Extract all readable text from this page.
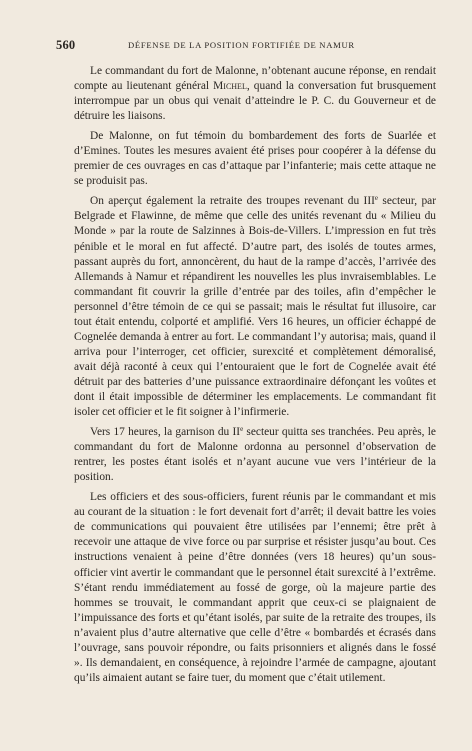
560	DÉFENSE DE LA POSITION FORTIFIÉE DE NAMUR

Le commandant du fort de Malonne, n’obtenant aucune réponse, en rendait compte au lieutenant général Michel, quand la conversation fut brusquement interrompue par un obus qui venait d’atteindre le P. C. du Gouverneur et de détruire les liaisons.

De Malonne, on fut témoin du bombardement des forts de Suarlée et d’Emines. Toutes les mesures avaient été prises pour coopérer à la défense du premier de ces ouvrages en cas d’attaque par l’infanterie; mais cette attaque ne se produisit pas.

On aperçut également la retraite des troupes revenant du IIIe secteur, par Belgrade et Flawinne, de même que celle des unités revenant du « Milieu du Monde » par la route de Salzinnes à Bois-de-Villers. L’impression en fut très pénible et le moral en fut affecté. D’autre part, des isolés de toutes armes, passant auprès du fort, annoncèrent, du haut de la rampe d’accès, l’arrivée des Allemands à Namur et répandirent les nouvelles les plus invraisemblables. Le commandant fit couvrir la grille d’entrée par des toiles, afin d’empêcher le personnel d’être témoin de ce qui se passait; mais le résultat fut illusoire, car tout était entendu, colporté et amplifié. Vers 16 heures, un officier échappé de Cognelée demanda à entrer au fort. Le commandant l’y autorisa; mais, quand il arriva pour l’interroger, cet officier, surexcité et complètement démoralisé, avait déjà raconté à ceux qui l’entouraient que le fort de Cognelée avait été détruit par des batteries d’une puissance extraordinaire défonçant les voûtes et dont il était impossible de déterminer les emplacements. Le commandant fit isoler cet officier et le fit soigner à l’infirmerie.

Vers 17 heures, la garnison du IIe secteur quitta ses tranchées. Peu après, le commandant du fort de Malonne ordonna au personnel d’observation de rentrer, les postes étant isolés et n’ayant aucune vue vers l’intérieur de la position.

Les officiers et des sous-officiers, furent réunis par le commandant et mis au courant de la situation : le fort devenait fort d’arrêt; il devait battre les voies de communications qui pouvaient être utilisées par l’ennemi; être prêt à recevoir une attaque de vive force ou par surprise et résister jusqu’au bout. Ces instructions venaient à peine d’être données (vers 18 heures) qu’un sous-officier vint avertir le commandant que le personnel était surexcité à l’extrême. S’étant rendu immédiatement au fossé de gorge, où la majeure partie des hommes se trouvait, le commandant apprit que ceux-ci se plaignaient de l’impuissance des forts et qu’étant isolés, par suite de la retraite des troupes, ils n’avaient plus d’autre alternative que celle d’être « bombardés et écrasés dans l’ouvrage, sans pouvoir répondre, ou faits prisonniers et alignés dans le fossé ». Ils demandaient, en conséquence, à rejoindre l’armée de campagne, ajoutant qu’ils aimaient autant se faire tuer, du moment que c’était utilement.
